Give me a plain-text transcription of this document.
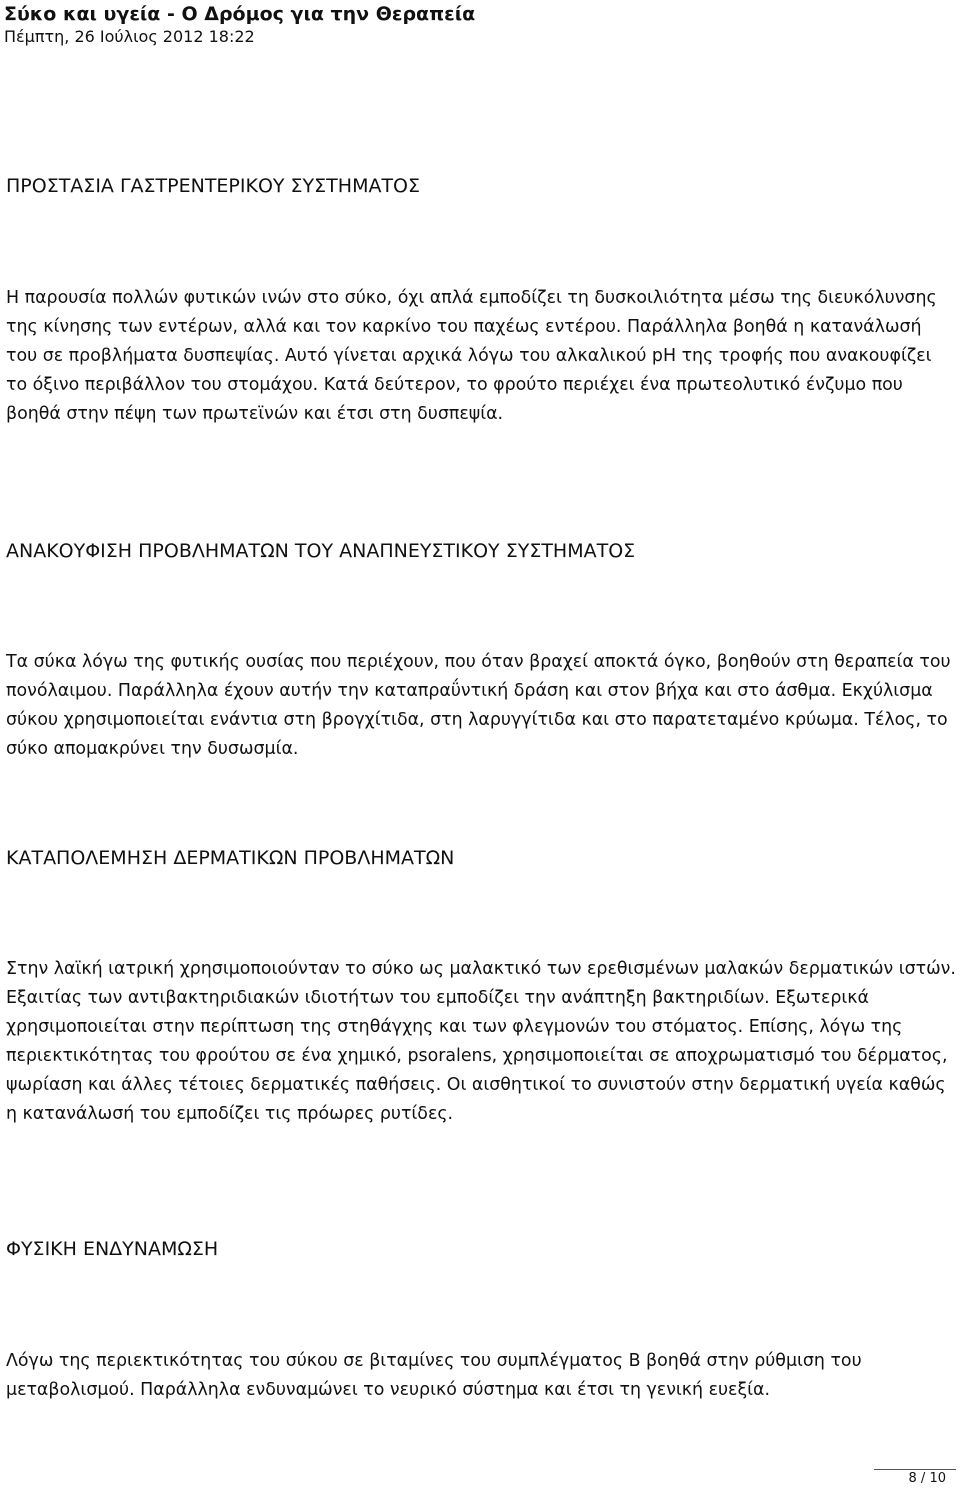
Σύκο και υγεία - Ο Δρόμος για την Θεραπεία

Πέμπτη, 26 Ιούλιος 2012 18:22

ΠΡΟΣΤΑΣΙΑ ΓΑΣΤΡΕΝΤΕΡΙΚΟΥ ΣΥΣΤΗΜΑΤΟΣ

Η παρουσία πολλών φυτικών ινών στο σύκο, όχι απλά εμποδίζει τη δυσκοιλιότητα μέσω της διευκόλυνσης της κίνησης των εντέρων, αλλά και τον καρκίνο του παχέως εντέρου. Παράλληλα βοηθά η κατανάλωσή του σε προβλήματα δυσπεψίας. Αυτό γίνεται αρχικά λόγω του αλκαλικού pH της τροφής που ανακουφίζει το όξινο περιβάλλον του στομάχου. Κατά δεύτερον, το φρούτο περιέχει ένα πρωτεολυτικό ένζυμο που βοηθά στην πέψη των πρωτεϊνών και έτσι στη δυσπεψία.

ΑΝΑΚΟΥΦΙΣΗ ΠΡΟΒΛΗΜΑΤΩΝ ΤΟΥ ΑΝΑΠΝΕΥΣΤΙΚΟΥ ΣΥΣΤΗΜΑΤΟΣ

Τα σύκα λόγω της φυτικής ουσίας που περιέχουν, που όταν βραχεί αποκτά όγκο, βοηθούν στη θεραπεία του πονόλαιμου. Παράλληλα έχουν αυτήν την καταπραΰντική δράση και στον βήχα και στο άσθμα. Εκχύλισμα σύκου χρησιμοποιείται ενάντια στη βρογχίτιδα, στη λαρυγγίτιδα και στο παρατεταμένο κρύωμα. Τέλος, το σύκο απομακρύνει την δυσωσμία.

ΚΑΤΑΠΟΛΕΜΗΣΗ ΔΕΡΜΑΤΙΚΩΝ ΠΡΟΒΛΗΜΑΤΩΝ

Στην λαϊκή ιατρική χρησιμοποιούνταν το σύκο ως μαλακτικό των ερεθισμένων μαλακών δερματικών ιστών. Εξαιτίας των αντιβακτηριδιακών ιδιοτήτων του εμποδίζει την ανάπτηξη βακτηριδίων. Εξωτερικά χρησιμοποιείται στην περίπτωση της στηθάγχης και των φλεγμονών του στόματος. Επίσης, λόγω της περιεκτικότητας του φρούτου σε ένα χημικό, psoralens, χρησιμοποιείται σε αποχρωματισμό του δέρματος, ψωρίαση και άλλες τέτοιες δερματικές παθήσεις. Οι αισθητικοί το συνιστούν στην δερματική υγεία καθώς η κατανάλωσή του εμποδίζει τις πρόωρες ρυτίδες.

ΦΥΣΙΚΗ ΕΝΔΥΝΑΜΩΣΗ

Λόγω της περιεκτικότητας του σύκου σε βιταμίνες του συμπλέγματος Β βοηθά στην ρύθμιση του μεταβολισμού. Παράλληλα ενδυναμώνει το νευρικό σύστημα και έτσι τη γενική ευεξία.

8 / 10
